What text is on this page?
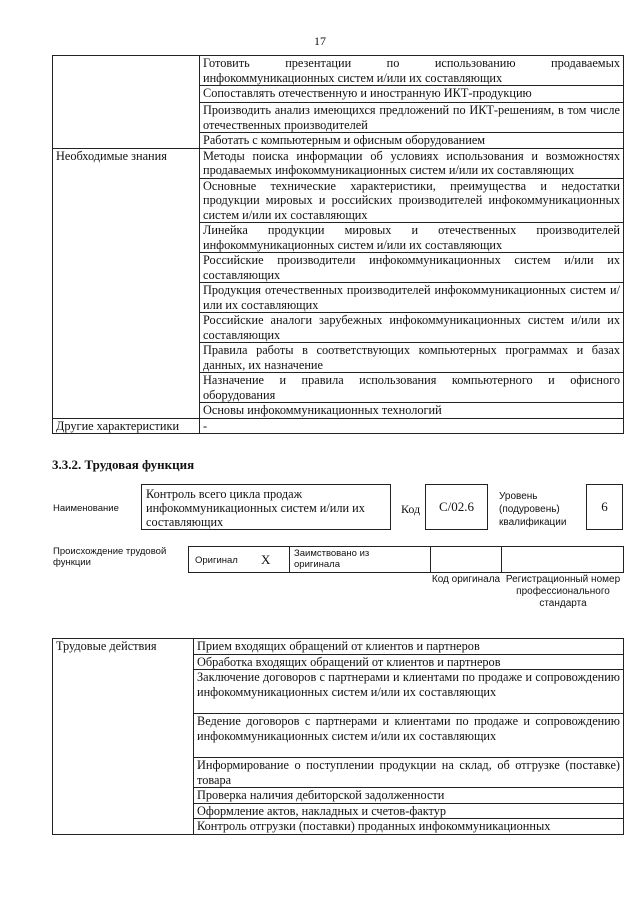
17
	Готовить презентации по использованию продаваемых инфокоммуникационных систем и/или их составляющих
	Сопоставлять отечественную и иностранную ИКТ-продукцию
	Производить анализ имеющихся предложений по ИКТ-решениям, в том числе отечественных производителей
	Работать с компьютерным и офисным оборудованием
Необходимые знания	Методы поиска информации об условиях использования и возможностях продаваемых инфокоммуникационных систем и/или их составляющих
	Основные технические характеристики, преимущества и недостатки продукции мировых и российских производителей инфокоммуникационных систем и/или их составляющих
	Линейка продукции мировых и отечественных производителей инфокоммуникационных систем и/или их составляющих
	Российские производители инфокоммуникационных систем и/или их составляющих
	Продукция отечественных производителей инфокоммуникационных систем и/или их составляющих
	Российские аналоги зарубежных инфокоммуникационных систем и/или их составляющих
	Правила работы в соответствующих компьютерных программах и базах данных, их назначение
	Назначение и правила использования компьютерного и офисного оборудования
	Основы инфокоммуникационных технологий
Другие характеристики	-
3.3.2. Трудовая функция
Наименование
Контроль всего цикла продаж инфокоммуникационных систем и/или их составляющих
Код	C/02.6
Уровень (подуровень) квалификации
6
Происхождение трудовой функции	Оригинал X Заимствовано из оригинала
Код оригинала Регистрационный номер профессионального стандарта
Трудовые действия	Прием входящих обращений от клиентов и партнеров
Обработка входящих обращений от клиентов и партнеров
Заключение договоров с партнерами и клиентами по продаже и сопровождению инфокоммуникационных систем и/или их составляющих
Ведение договоров с партнерами и клиентами по продаже и сопровождению инфокоммуникационных систем и/или их составляющих
Информирование о поступлении продукции на склад, об отгрузке (поставке) товара
Проверка наличия дебиторской задолженности
Оформление актов, накладных и счетов-фактур
Контроль отгрузки (поставки) проданных инфокоммуникационных
